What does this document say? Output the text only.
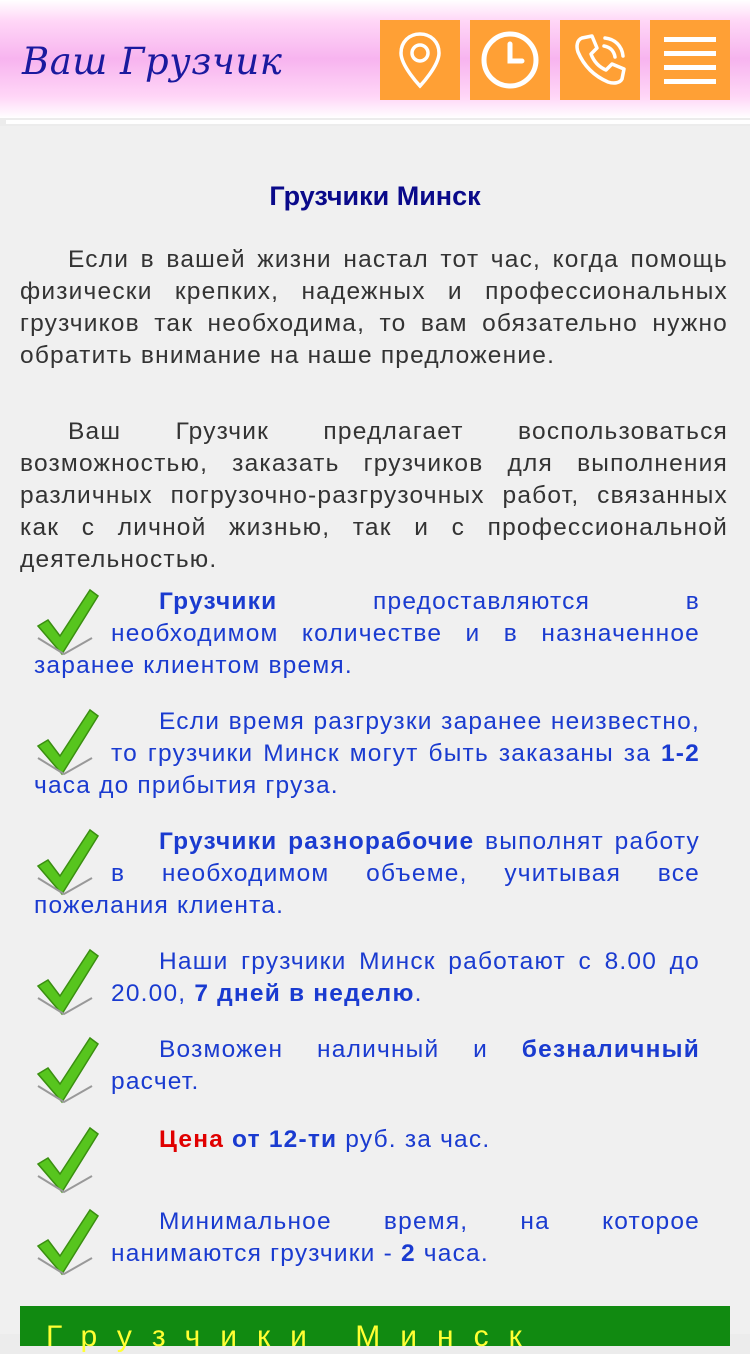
Ваш Грузчик
Грузчики Минск

Если в вашей жизни настал тот час, когда помощь физически крепких, надежных и профессиональных грузчиков так необходима, то вам обязательно нужно обратить внимание на наше предложение.

Ваш Грузчик предлагает воспользоваться возможностью, заказать грузчиков для выполнения различных погрузочно-разгрузочных работ, связанных как с личной жизнью, так и с профессиональной деятельностью.

Грузчики предоставляются в необходимом количестве и в назначенное заранее клиентом время.

Если время разгрузки заранее неизвестно, то грузчики Минск могут быть заказаны за 1-2 часа до прибытия груза.

Грузчики разнорабочие выполнят работу в необходимом объеме, учитывая все пожелания клиента.

Наши грузчики Минск работают с 8.00 до 20.00, 7 дней в неделю.

Возможен наличный и безналичный расчет.

Цена от 12-ти руб. за час.

Минимальное время, на которое нанимаются грузчики - 2 часа.

Грузчики Минск
